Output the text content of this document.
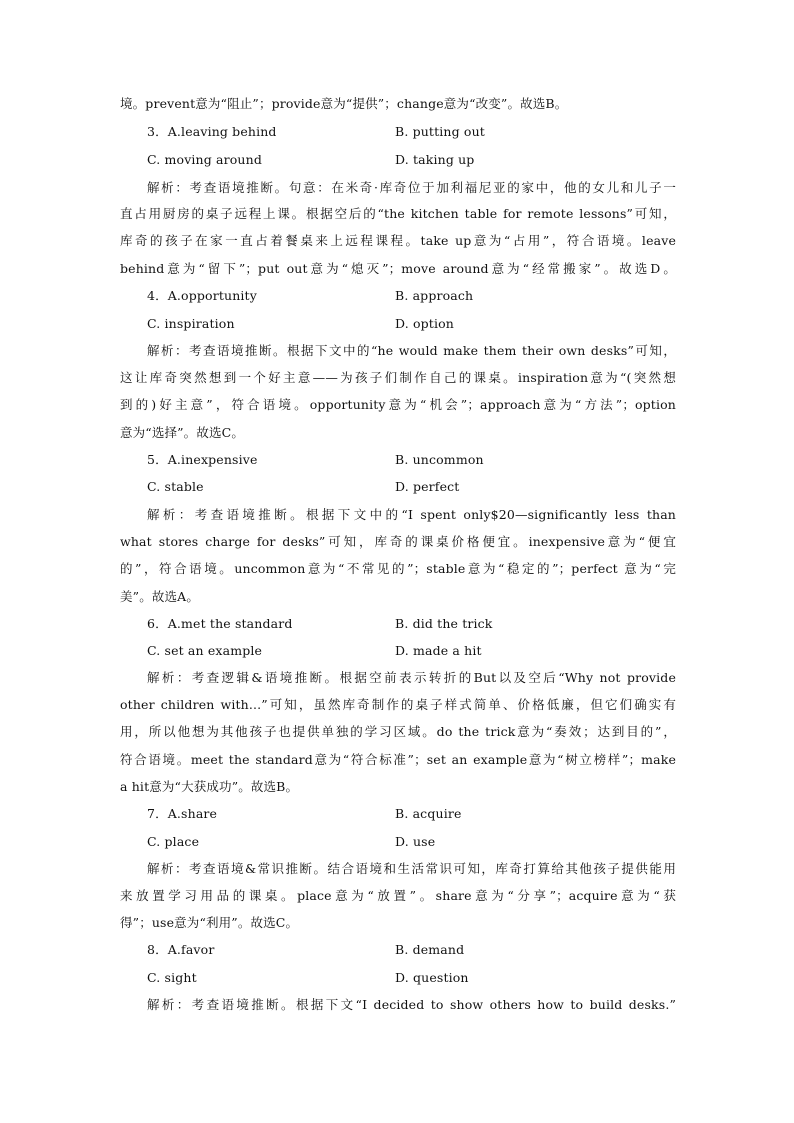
境。prevent意为“阻止”；provide意为“提供”；change意为“改变”。故选B。
3．A.leaving behind	B. putting out
C. moving around	D. taking up
解析：考查语境推断。句意：在米奇·库奇位于加利福尼亚的家中，他的女儿和儿子一
直占用厨房的桌子远程上课。根据空后的“the kitchen table for remote lessons”可知，
库奇的孩子在家一直占着餐桌来上远程课程。take up意为“占用”，符合语境。leave
behind意为“留下”；put out意为“熄灭”；move around意为“经常搬家”。故选D。
4．A.opportunity	B. approach
C. inspiration	D. option
解析：考查语境推断。根据下文中的“he would make them their own desks”可知，
这让库奇突然想到一个好主意——为孩子们制作自己的课桌。inspiration意为“(突然想
到的)好主意”，符合语境。opportunity意为“机会”；approach意为“方法”；option
意为“选择”。故选C。
5．A.inexpensive	B. uncommon
C. stable	D. perfect
解析：考查语境推断。根据下文中的“I spent only$20—significantly less than
what stores charge for desks”可知，库奇的课桌价格便宜。inexpensive意为“便宜
的”，符合语境。uncommon意为“不常见的”；stable意为“稳定的”；perfect 意为“完
美”。故选A。
6．A.met the standard	B. did the trick
C. set an example	D. made a hit
解析：考查逻辑&语境推断。根据空前表示转折的But以及空后“Why not provide
other children with...”可知，虽然库奇制作的桌子样式简单、价格低廉，但它们确实有
用，所以他想为其他孩子也提供单独的学习区域。do the trick意为“奏效；达到目的”，
符合语境。meet the standard意为“符合标准”；set an example意为“树立榜样”；make
a hit意为“大获成功”。故选B。
7．A.share	B. acquire
C. place	D. use
解析：考查语境&常识推断。结合语境和生活常识可知，库奇打算给其他孩子提供能用
来放置学习用品的课桌。place意为“放置”。share意为“分享”；acquire意为“获
得”；use意为“利用”。故选C。
8．A.favor	B. demand
C. sight	D. question
解析：考查语境推断。根据下文“I decided to show others how to build desks.”
